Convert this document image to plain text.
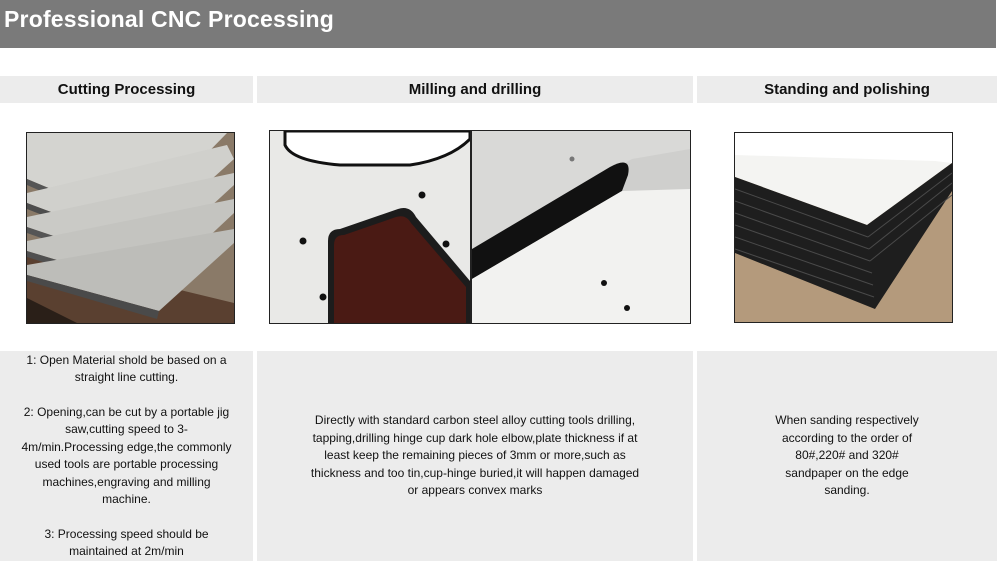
Professional CNC Processing
Cutting Processing	Milling and drilling	Standing and polishing

1: Open Material shold be based on a straight line cutting.

2: Opening,can be cut by a portable jig saw,cutting speed to 3-4m/min.Processing edge,the commonly used tools are portable processing machines,engraving and milling machine.

3: Processing speed should be maintained at 2m/min

Directly with standard carbon steel alloy cutting tools drilling, tapping,drilling hinge cup dark hole elbow,plate thickness if at least keep the remaining pieces of 3mm or more,such as thickness and too tin,cup-hinge buried,it will happen damaged or appears convex marks

When sanding respectively according to the order of 80#,220# and 320# sandpaper on the edge sanding.
